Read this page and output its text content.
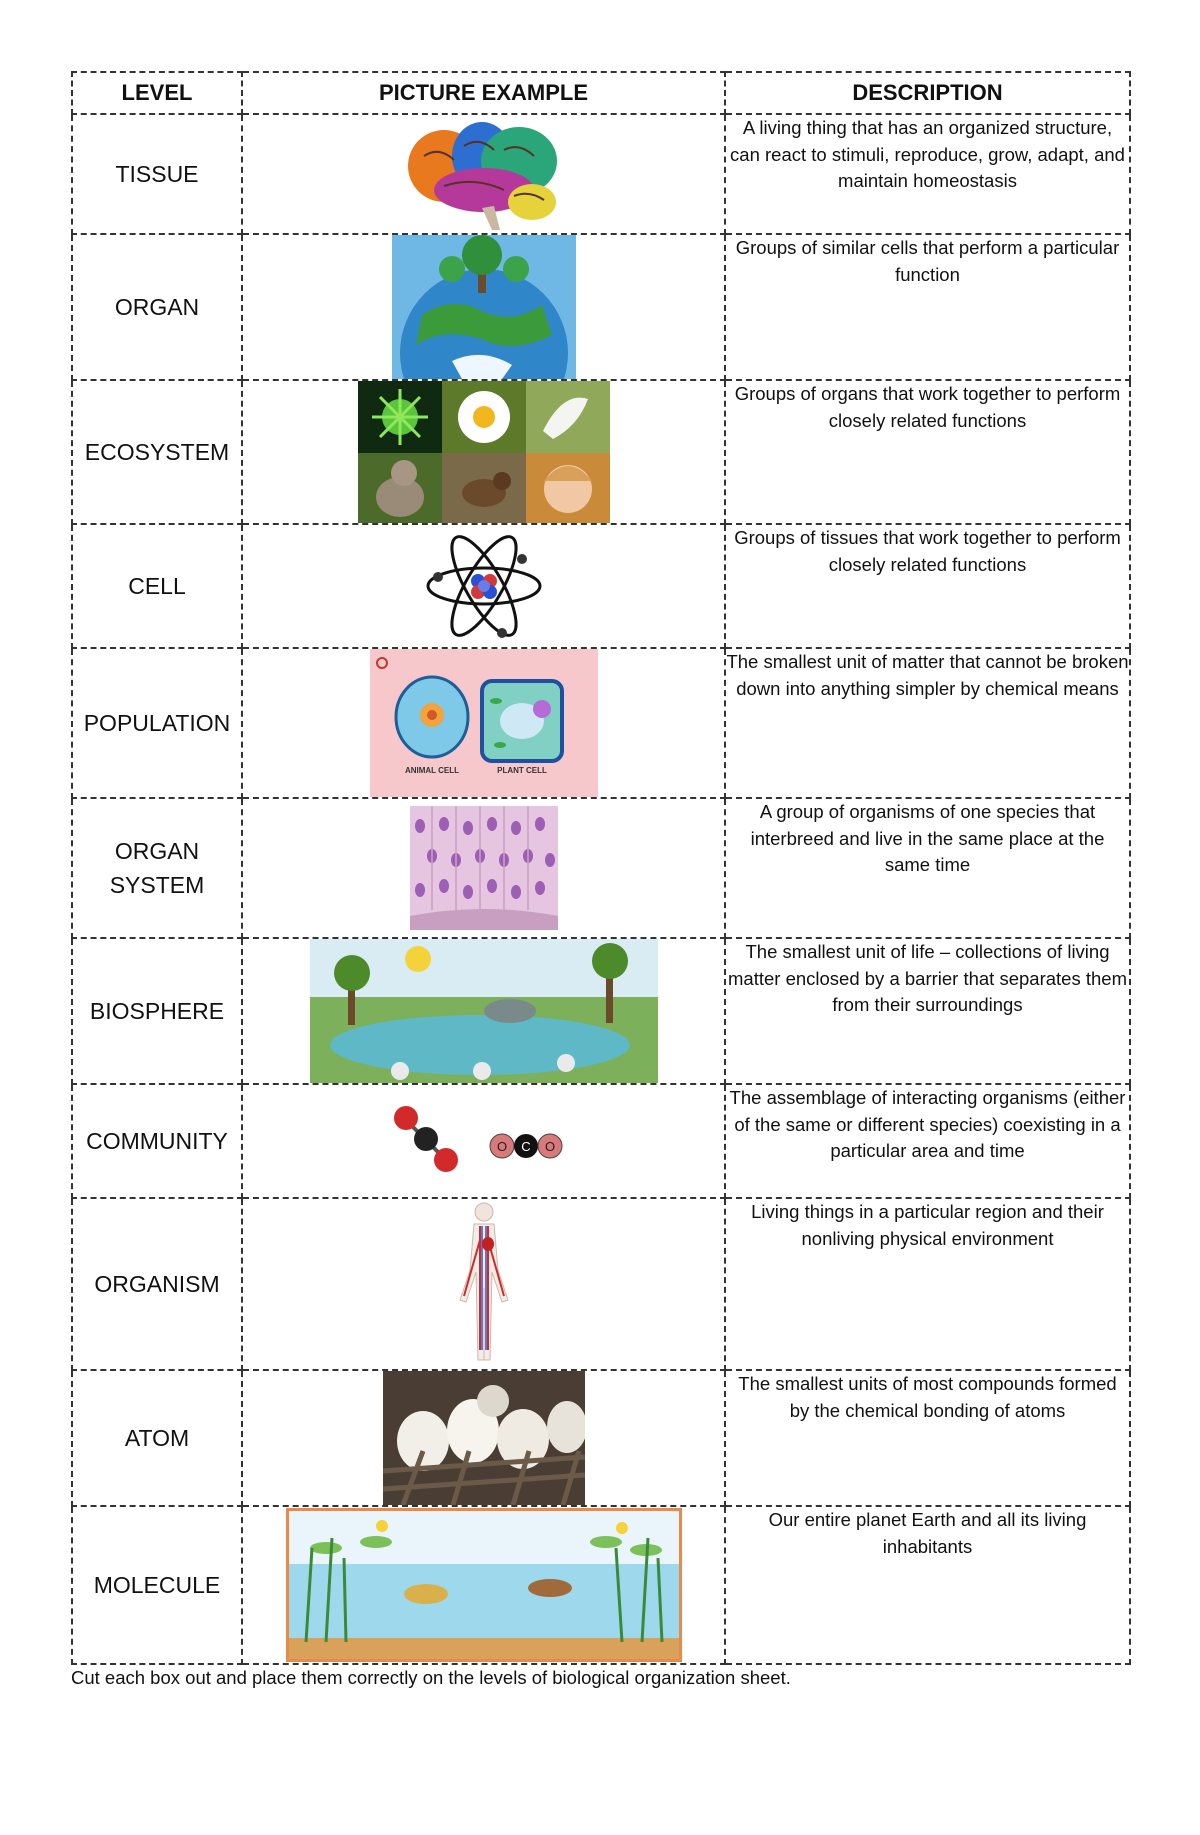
LEVEL	PICTURE EXAMPLE	DESCRIPTION
TISSUE		A living thing that has an organized structure, can react to stimuli, reproduce, grow, adapt, and maintain homeostasis
ORGAN		Groups of similar cells that perform a particular function
ECOSYSTEM		Groups of organs that work together to perform closely related functions
CELL		Groups of tissues that work together to perform closely related functions
POPULATION	ANIMAL CELL PLANT CELL	The smallest unit of matter that cannot be broken down into anything simpler by chemical means
ORGAN SYSTEM		A group of organisms of one species that interbreed and live in the same place at the same time
BIOSPHERE		The smallest unit of life – collections of living matter enclosed by a barrier that separates them from their surroundings
COMMUNITY	O C O	The assemblage of interacting organisms (either of the same or different species) coexisting in a particular area and time
ORGANISM		Living things in a particular region and their nonliving physical environment
ATOM		The smallest units of most compounds formed by the chemical bonding of atoms
MOLECULE		Our entire planet Earth and all its living inhabitants
Cut each box out and place them correctly on the levels of biological organization sheet.
